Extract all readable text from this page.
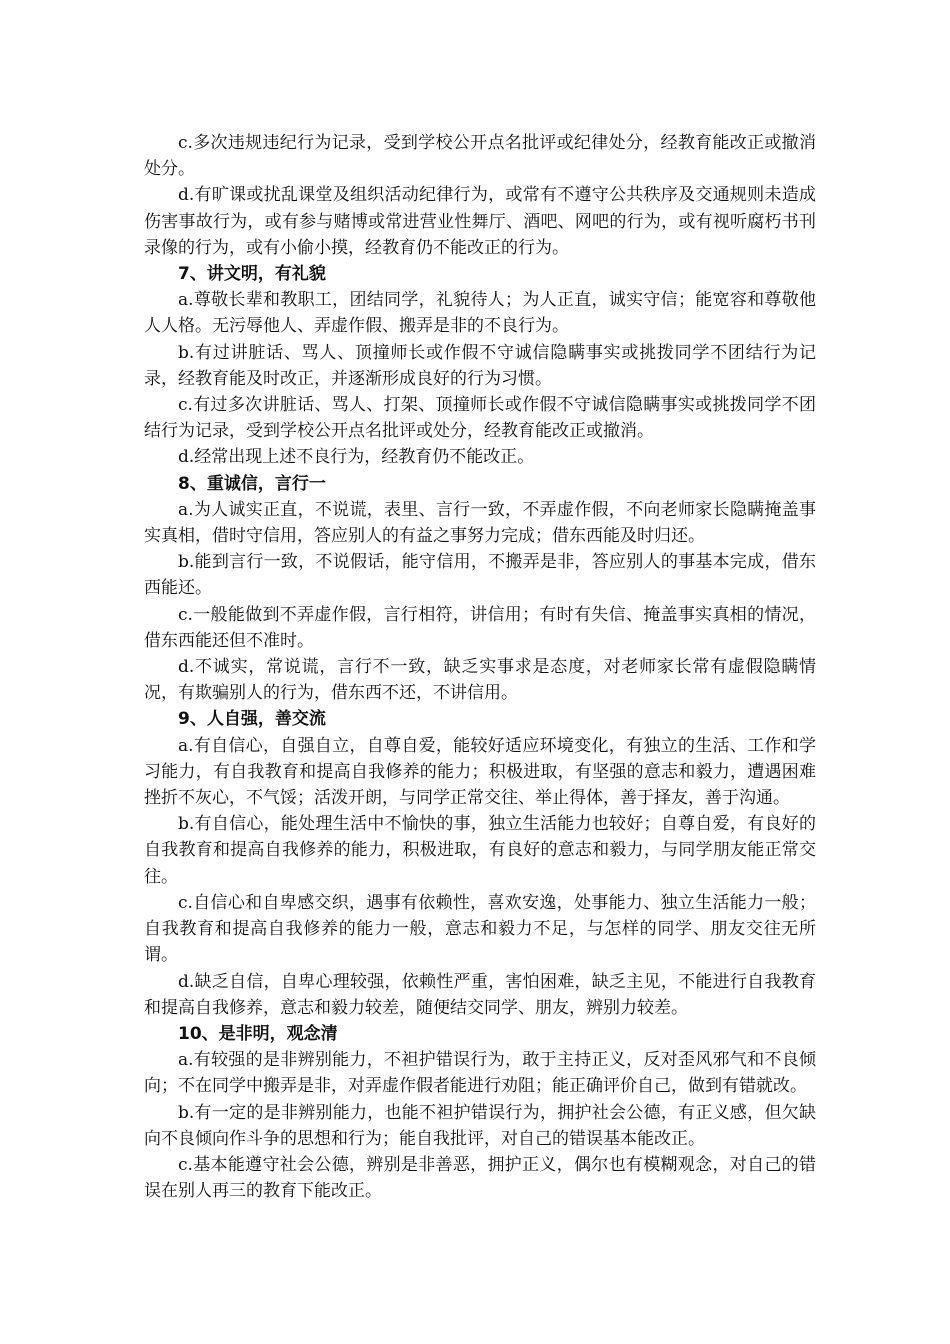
c.多次违规违纪行为记录，受到学校公开点名批评或纪律处分，经教育能改正或撤消处分。

d.有旷课或扰乱课堂及组织活动纪律行为，或常有不遵守公共秩序及交通规则未造成伤害事故行为，或有参与赌博或常进营业性舞厅、酒吧、网吧的行为，或有视听腐朽书刊录像的行为，或有小偷小摸，经教育仍不能改正的行为。

7、讲文明，有礼貌

a.尊敬长辈和教职工，团结同学，礼貌待人；为人正直，诚实守信；能宽容和尊敬他人人格。无污辱他人、弄虚作假、搬弄是非的不良行为。

b.有过讲脏话、骂人、顶撞师长或作假不守诚信隐瞒事实或挑拨同学不团结行为记录，经教育能及时改正，并逐渐形成良好的行为习惯。

c.有过多次讲脏话、骂人、打架、顶撞师长或作假不守诚信隐瞒事实或挑拨同学不团结行为记录，受到学校公开点名批评或处分，经教育能改正或撤消。

d.经常出现上述不良行为，经教育仍不能改正。

8、重诚信，言行一

a.为人诚实正直，不说谎，表里、言行一致，不弄虚作假，不向老师家长隐瞒掩盖事实真相，借时守信用，答应别人的有益之事努力完成；借东西能及时归还。

b.能到言行一致，不说假话，能守信用，不搬弄是非，答应别人的事基本完成，借东西能还。

c.一般能做到不弄虚作假，言行相符，讲信用；有时有失信、掩盖事实真相的情况，借东西能还但不准时。

d.不诚实，常说谎，言行不一致，缺乏实事求是态度，对老师家长常有虚假隐瞒情况，有欺骗别人的行为，借东西不还，不讲信用。

9、人自强，善交流

a.有自信心，自强自立，自尊自爱，能较好适应环境变化，有独立的生活、工作和学习能力，有自我教育和提高自我修养的能力；积极进取，有坚强的意志和毅力，遭遇困难挫折不灰心，不气馁；活泼开朗，与同学正常交往、举止得体，善于择友，善于沟通。

b.有自信心，能处理生活中不愉快的事，独立生活能力也较好；自尊自爱，有良好的自我教育和提高自我修养的能力，积极进取，有良好的意志和毅力，与同学朋友能正常交往。

c.自信心和自卑感交织，遇事有依赖性，喜欢安逸，处事能力、独立生活能力一般；自我教育和提高自我修养的能力一般，意志和毅力不足，与怎样的同学、朋友交往无所谓。

d.缺乏自信，自卑心理较强，依赖性严重，害怕困难，缺乏主见，不能进行自我教育和提高自我修养，意志和毅力较差，随便结交同学、朋友，辨别力较差。

10、是非明，观念清

a.有较强的是非辨别能力，不袒护错误行为，敢于主持正义，反对歪风邪气和不良倾向；不在同学中搬弄是非，对弄虚作假者能进行劝阻；能正确评价自己，做到有错就改。

b.有一定的是非辨别能力，也能不袒护错误行为，拥护社会公德，有正义感，但欠缺向不良倾向作斗争的思想和行为；能自我批评，对自己的错误基本能改正。

c.基本能遵守社会公德，辨别是非善恶，拥护正义，偶尔也有模糊观念，对自己的错误在别人再三的教育下能改正。
